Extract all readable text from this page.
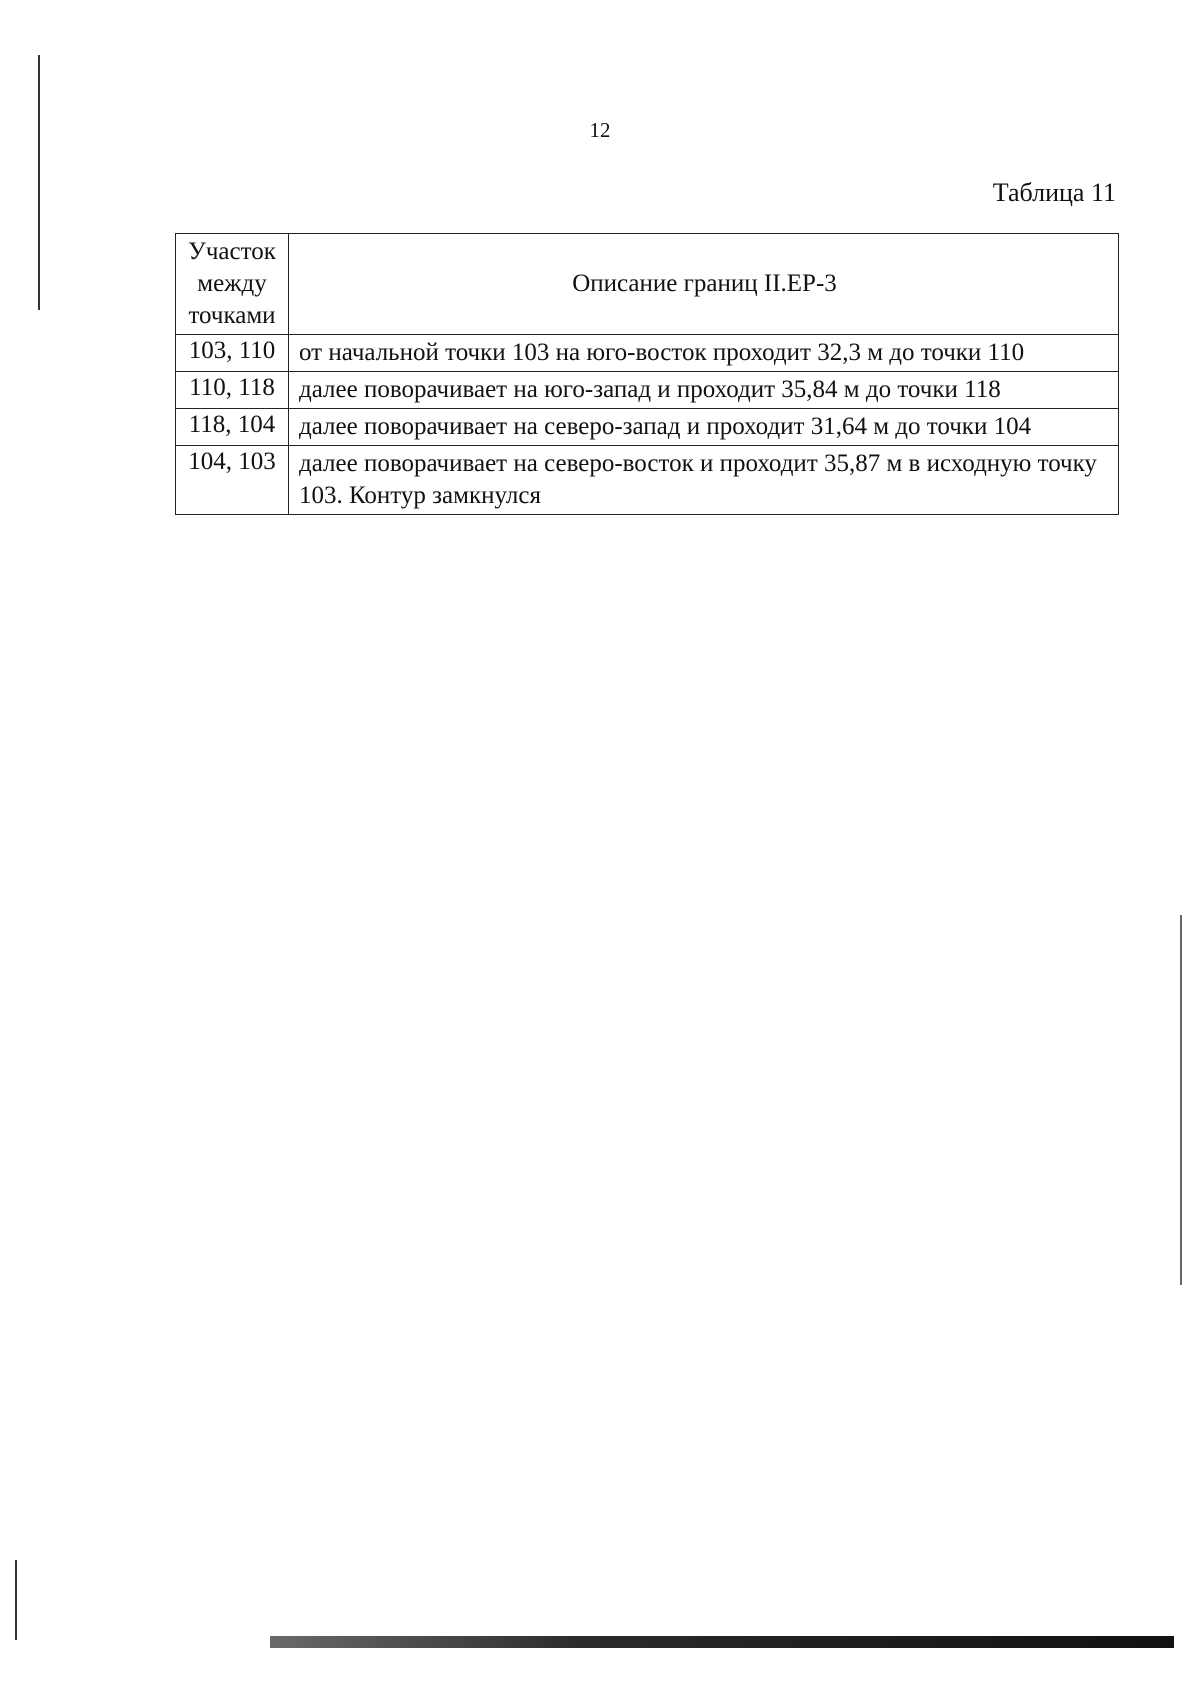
12
Таблица 11
Участок между точками	Описание границ II.ЕР-3
103, 110	от начальной точки 103 на юго-восток проходит 32,3 м до точки 110
110, 118	далее поворачивает на юго-запад и проходит 35,84 м до точки 118
118, 104	далее поворачивает на северо-запад и проходит 31,64 м до точки 104
104, 103	далее поворачивает на северо-восток и проходит 35,87 м в исходную точку 103. Контур замкнулся
